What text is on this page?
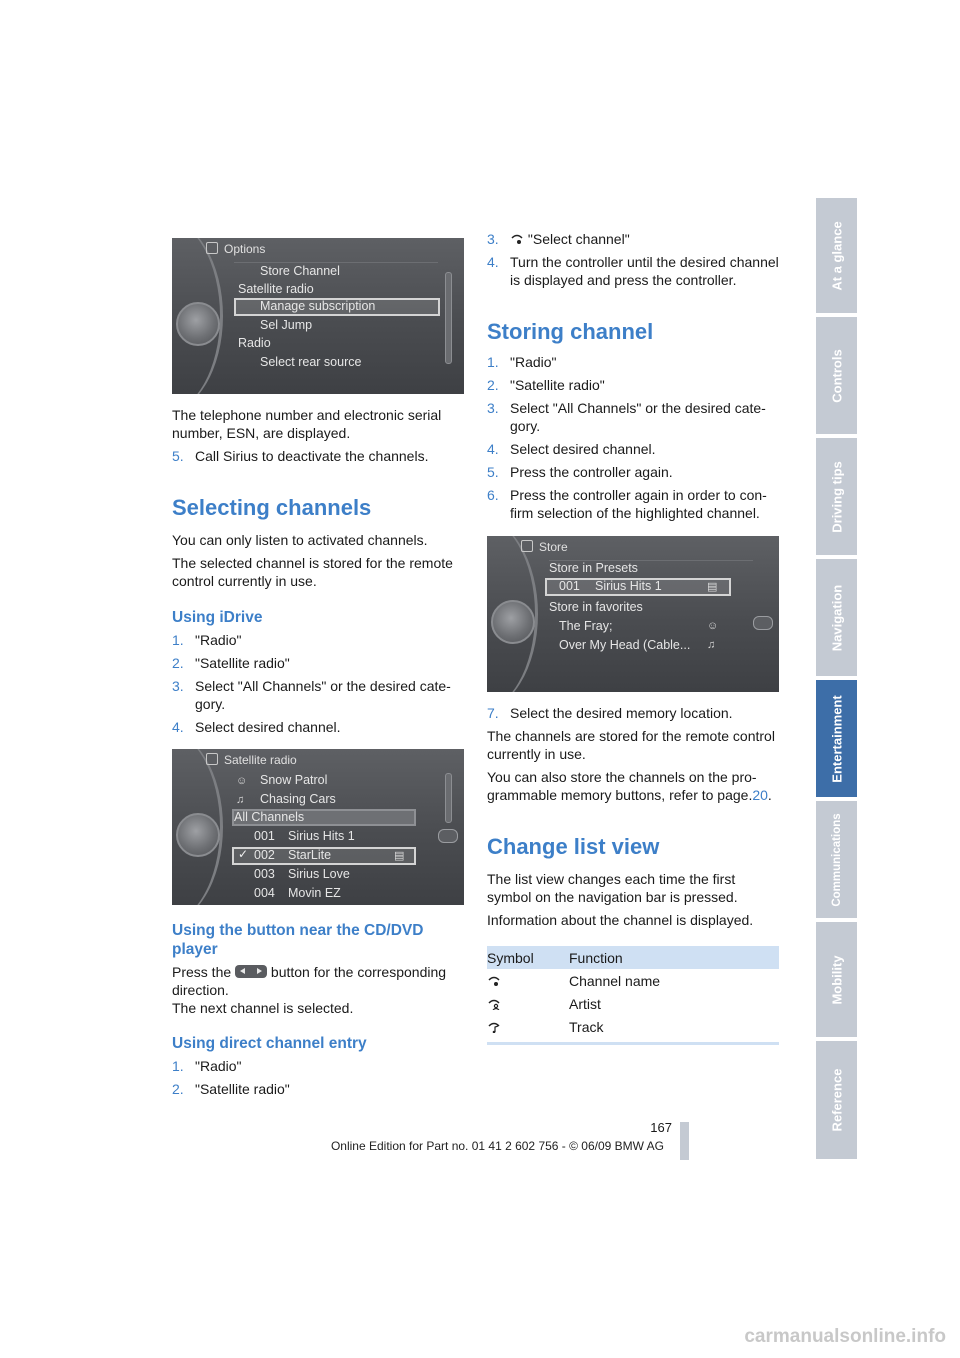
Options
Store Channel
Satellite radio
Manage subscription
Sel Jump
Radio
Select rear source

The telephone number and electronic serial number, ESN, are displayed.

5. Call Sirius to deactivate the channels.
Selecting channels

You can only listen to activated channels.

The selected channel is stored for the remote control currently in use.

Using iDrive
1. "Radio"
2. "Satellite radio"
3. Select "All Channels" or the desired cate-gory.
4. Select desired channel.
Satellite radio
☺ Snow Patrol
♫ Chasing Cars
All Channels
001 Sirius Hits 1
✓ 002 StarLite	▤
003 Sirius Love
004 Movin EZ
Using the button near the CD/DVD player

Press the	button for the corresponding direction.
The next channel is selected.

Using direct channel entry
1. "Radio"
2. "Satellite radio"
3.	"Select channel"
4. Turn the controller until the desired channel is displayed and press the controller.
Storing channel
1. "Radio"
2. "Satellite radio"
3. Select "All Channels" or the desired cate-gory.
4. Select desired channel.
5. Press the controller again.
6. Press the controller again in order to con-firm selection of the highlighted channel.
Store
Store in Presets
001 Sirius Hits 1	▤
Store in favorites
The Fray;	☺
Over My Head (Cable... ♫
7. Select the desired memory location.

The channels are stored for the remote control currently in use.

You can also store the channels on the pro-grammable memory buttons, refer to page.20.

Change list view

The list view changes each time the first symbol on the navigation bar is pressed.

Information about the channel is displayed.

Symbol	Function
	Channel name
	Artist
	Track
At a glance
Controls
Driving tips
Navigation
Entertainment
Communications
Mobility
Reference
167
Online Edition for Part no. 01 41 2 602 756 - © 06/09 BMW AG
carmanualsonline.info
